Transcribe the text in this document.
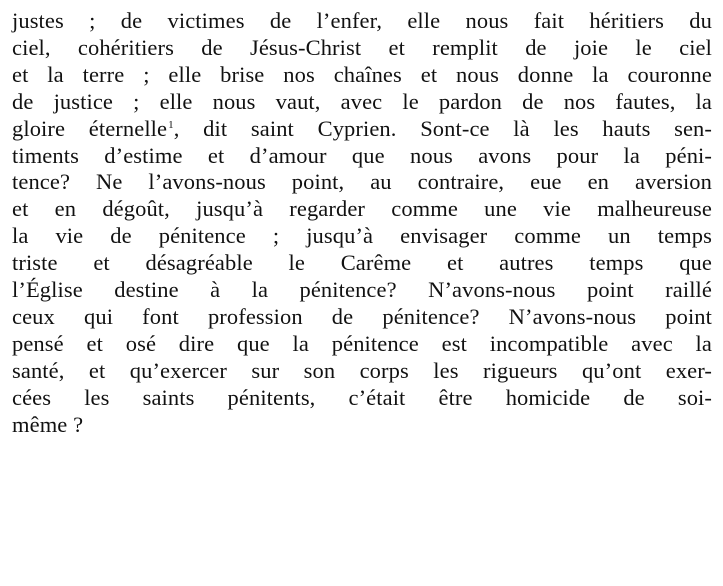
justes ; de victimes de l’enfer, elle nous fait héritiers du
ciel, cohéritiers de Jésus-Christ et remplit de joie le ciel
et la terre ; elle brise nos chaînes et nous donne la couronne
de justice ; elle nous vaut, avec le pardon de nos fautes, la
gloire éternelle$^1$, dit saint Cyprien. Sont-ce là les hauts sen-
timents d’estime et d’amour que nous avons pour la péni-
tence? Ne l’avons-nous point, au contraire, eue en aversion
et en dégoût, jusqu’à regarder comme une vie malheureuse
la vie de pénitence ; jusqu’à envisager comme un temps
triste et désagréable le Carême et autres temps que
l’Église destine à la pénitence? N’avons-nous point raillé
ceux qui font profession de pénitence? N’avons-nous point
pensé et osé dire que la pénitence est incompatible avec la
santé, et qu’exercer sur son corps les rigueurs qu’ont exer-
cées les saints pénitents, c’était être homicide de soi-
même ?
